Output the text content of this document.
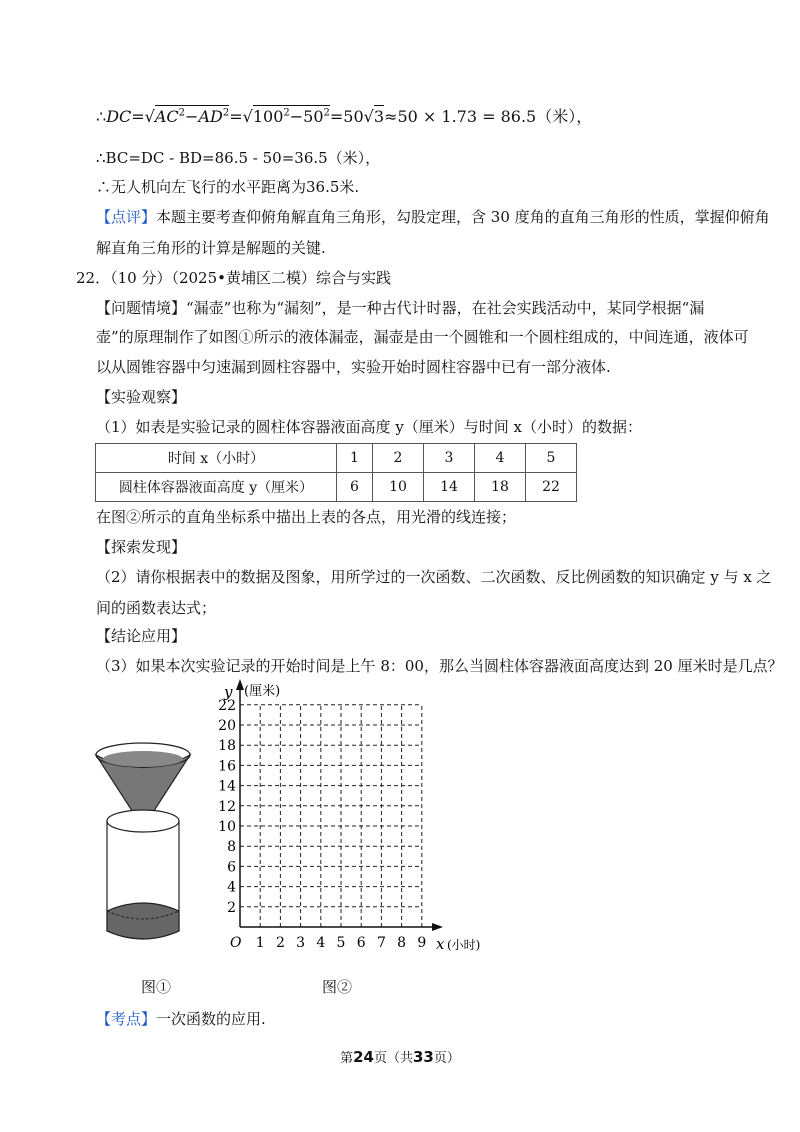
$\therefore DC=√AC^2-AD^2=√100^2-50^2=50√3\approx 50 \times 1.73 = 86.5$（米），
∴BC=DC - BD=86.5 - 50=36.5（米），
∴无人机向左飞行的水平距离为36.5米.
【点评】本题主要考查仰俯角解直角三角形，勾股定理，含 30 度角的直角三角形的性质，掌握仰俯角
解直角三角形的计算是解题的关键.
22．（10 分）（2025•黄埔区二模）综合与实践
【问题情境】“漏壶”也称为“漏刻”，是一种古代计时器，在社会实践活动中，某同学根据“漏
壶”的原理制作了如图①所示的液体漏壶，漏壶是由一个圆锥和一个圆柱组成的，中间连通，液体可
以从圆锥容器中匀速漏到圆柱容器中，实验开始时圆柱容器中已有一部分液体.
【实验观察】
（1）如表是实验记录的圆柱体容器液面高度 y（厘米）与时间 x（小时）的数据：
时间 x（小时）	1	2	3	4	5
圆柱体容器液面高度 y（厘米）	6	10	14	18	22
在图②所示的直角坐标系中描出上表的各点，用光滑的线连接；
【探索发现】
（2）请你根据表中的数据及图象，用所学过的一次函数、二次函数、反比例函数的知识确定 y 与 x 之
间的函数表达式；
【结论应用】
（3）如果本次实验记录的开始时间是上午 8：00，那么当圆柱体容器液面高度达到 20 厘米时是几点？
y (厘米)
x (小时)
O
2
4
6
8
10
12
14
16
18
20
22
1 2 3 4 5 6 7 8 9
图①	图②
【考点】一次函数的应用.
第24页（共33页）
